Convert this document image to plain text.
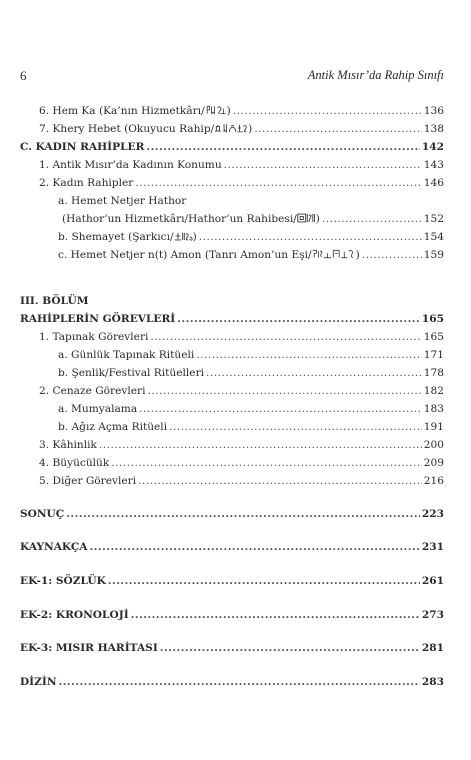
6	Antik Mısır’da Rahip Sınıfı
6. Hem Ka (Ka’nın Hizmetkârı/ ) .....	136
7. Khery Hebet (Okuyucu Rahip/	) .....	138
C. KADIN RAHİPLER .....	142
1. Antik Mısır’da Kadının Konumu .....	143
2. Kadın Rahipler .....	146
a. Hemet Netjer Hathor
(Hathor’un Hizmetkârı/Hathor’un Rahibesi/ ) .....	152
b. Shemayet (Şarkıcı/ ) .....	154
c. Hemet Netjer n(t) Amon (Tanrı Amon’un Eşi/	) .....	159
III. BÖLÜM
RAHİPLERİN GÖREVLERİ .....	165
1. Tapınak Görevleri .....	165
a. Günlük Tapınak Ritüeli .....	171
b. Şenlik/Festival Ritüelleri .....	178
2. Cenaze Görevleri .....	182
a. Mumyalama .....	183
b. Ağız Açma Ritüeli .....	191
3. Kâhinlik .....	200
4. Büyücülük .....	209
5. Diğer Görevleri .....	216
SONUÇ .....	223
KAYNAKÇA .....	231
EK-1: SÖZLÜK .....	261
EK-2: KRONOLOJİ .....	273
EK-3: MISIR HARİTASI .....	281
DİZİN .....	283
